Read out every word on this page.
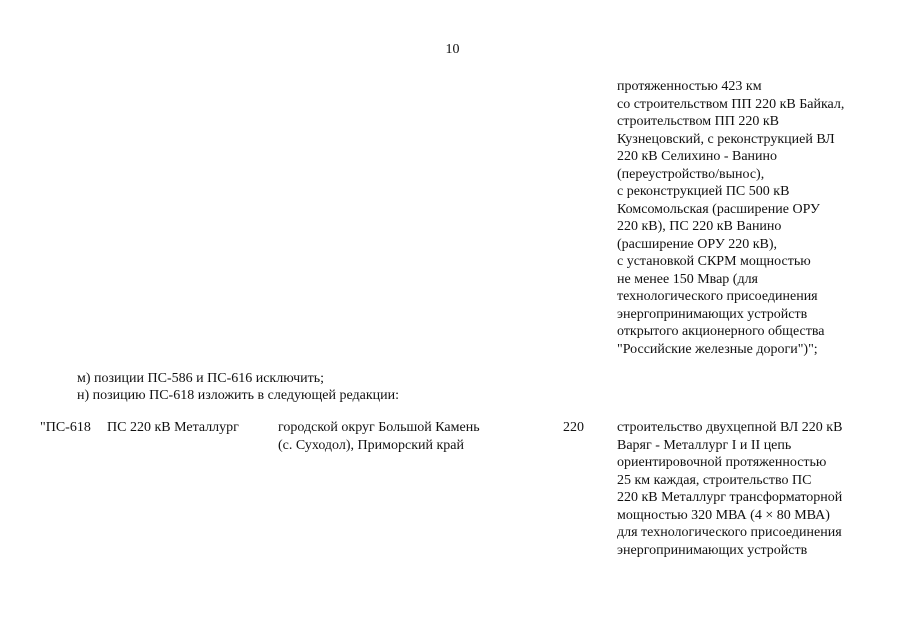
10
протяженностью 423 км
со строительством ПП 220 кВ Байкал,
строительством ПП 220 кВ
Кузнецовский, с реконструкцией ВЛ
220 кВ Селихино - Ванино
(переустройство/вынос),
с реконструкцией ПС 500 кВ
Комсомольская (расширение ОРУ
220 кВ), ПС 220 кВ Ванино
(расширение ОРУ 220 кВ),
с установкой СКРМ мощностью
не менее 150 Мвар (для
технологического присоединения
энергопринимающих устройств
открытого акционерного общества
"Российские железные дороги")";
м) позиции ПС-586 и ПС-616 исключить;
н) позицию ПС-618 изложить в следующей редакции:
"ПС-618	ПС 220 кВ Металлург	городской округ Большой Камень
(с. Суходол), Приморский край
220	строительство двухцепной ВЛ 220 кВ
Варяг - Металлург I и II цепь
ориентировочной протяженностью
25 км каждая, строительство ПС
220 кВ Металлург трансформаторной
мощностью 320 МВА (4 × 80 МВА)
для технологического присоединения
энергопринимающих устройств
